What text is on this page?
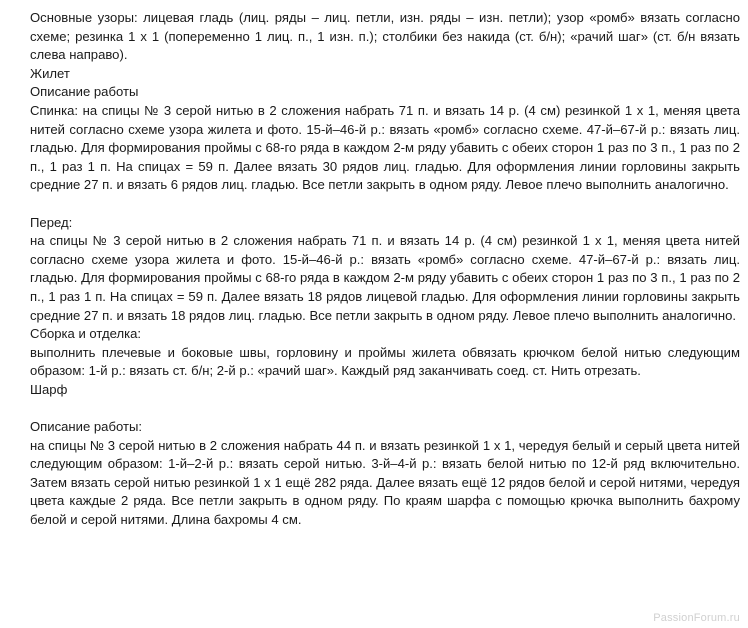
Основные узоры: лицевая гладь (лиц. ряды – лиц. петли, изн. ряды – изн. петли); узор «ромб» вязать согласно схеме; резинка 1 х 1 (попеременно 1 лиц. п., 1 изн. п.); столбики без накида (ст. б/н); «рачий шаг» (ст. б/н вязать слева направо).

Жилет

Описание работы

Спинка: на спицы № 3 серой нитью в 2 сложения набрать 71 п. и вязать 14 р. (4 см) резинкой 1 х 1, меняя цвета нитей согласно схеме узора жилета и фото. 15-й–46-й р.: вязать «ромб» согласно схеме. 47-й–67-й р.: вязать лиц. гладью. Для формирования проймы с 68-го ряда в каждом 2-м ряду убавить с обеих сторон 1 раз по 3 п., 1 раз по 2 п., 1 раз 1 п. На спицах = 59 п. Далее вязать 30 рядов лиц. гладью. Для оформления линии горловины закрыть средние 27 п. и вязать 6 рядов лиц. гладью. Все петли закрыть в одном ряду. Левое плечо выполнить аналогично.

Перед:

на спицы № 3 серой нитью в 2 сложения набрать 71 п. и вязать 14 р. (4 см) резинкой 1 х 1, меняя цвета нитей согласно схеме узора жилета и фото. 15-й–46-й р.: вязать «ромб» согласно схеме. 47-й–67-й р.: вязать лиц. гладью. Для формирования проймы с 68-го ряда в каждом 2-м ряду убавить с обеих сторон 1 раз по 3 п., 1 раз по 2 п., 1 раз 1 п. На спицах = 59 п. Далее вязать 18 рядов лицевой гладью. Для оформления линии горловины закрыть средние 27 п. и вязать 18 рядов лиц. гладью. Все петли закрыть в одном ряду. Левое плечо выполнить аналогично.

Сборка и отделка:

выполнить плечевые и боковые швы, горловину и проймы жилета обвязать крючком белой нитью следующим образом: 1-й р.: вязать ст. б/н; 2-й р.: «рачий шаг». Каждый ряд заканчивать соед. ст. Нить отрезать.

Шарф

Описание работы:

на спицы № 3 серой нитью в 2 сложения набрать 44 п. и вязать резинкой 1 х 1, чередуя белый и серый цвета нитей следующим образом: 1-й–2-й р.: вязать серой нитью. 3-й–4-й р.: вязать белой нитью по 12-й ряд включительно. Затем вязать серой нитью резинкой 1 х 1 ещё 282 ряда. Далее вязать ещё 12 рядов белой и серой нитями, чередуя цвета каждые 2 ряда. Все петли закрыть в одном ряду. По краям шарфа с помощью крючка выполнить бахрому белой и серой нитями. Длина бахромы 4 см.

PassionForum.ru
